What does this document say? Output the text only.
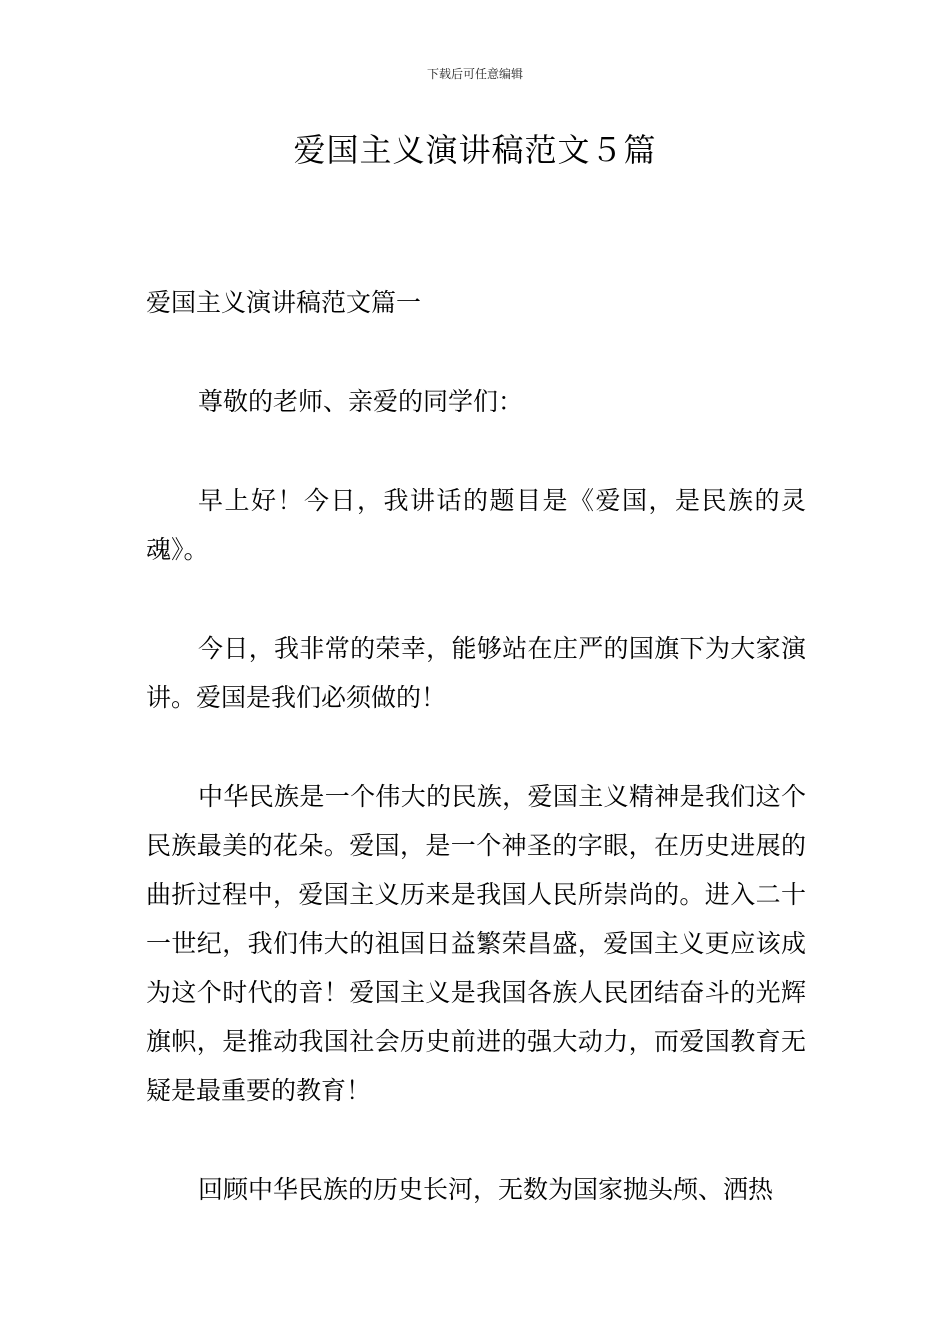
下载后可任意编辑
爱国主义演讲稿范文５篇

爱国主义演讲稿范文篇一

尊敬的老师、亲爱的同学们：

早上好！今日，我讲话的题目是《爱国，是民族的灵魂》。

今日，我非常的荣幸，能够站在庄严的国旗下为大家演讲。爱国是我们必须做的！

中华民族是一个伟大的民族，爱国主义精神是我们这个民族最美的花朵。爱国，是一个神圣的字眼，在历史进展的曲折过程中，爱国主义历来是我国人民所崇尚的。进入二十一世纪，我们伟大的祖国日益繁荣昌盛，爱国主义更应该成为这个时代的音！爱国主义是我国各族人民团结奋斗的光辉旗帜，是推动我国社会历史前进的强大动力，而爱国教育无疑是最重要的教育！

回顾中华民族的历史长河，无数为国家抛头颅、洒热
